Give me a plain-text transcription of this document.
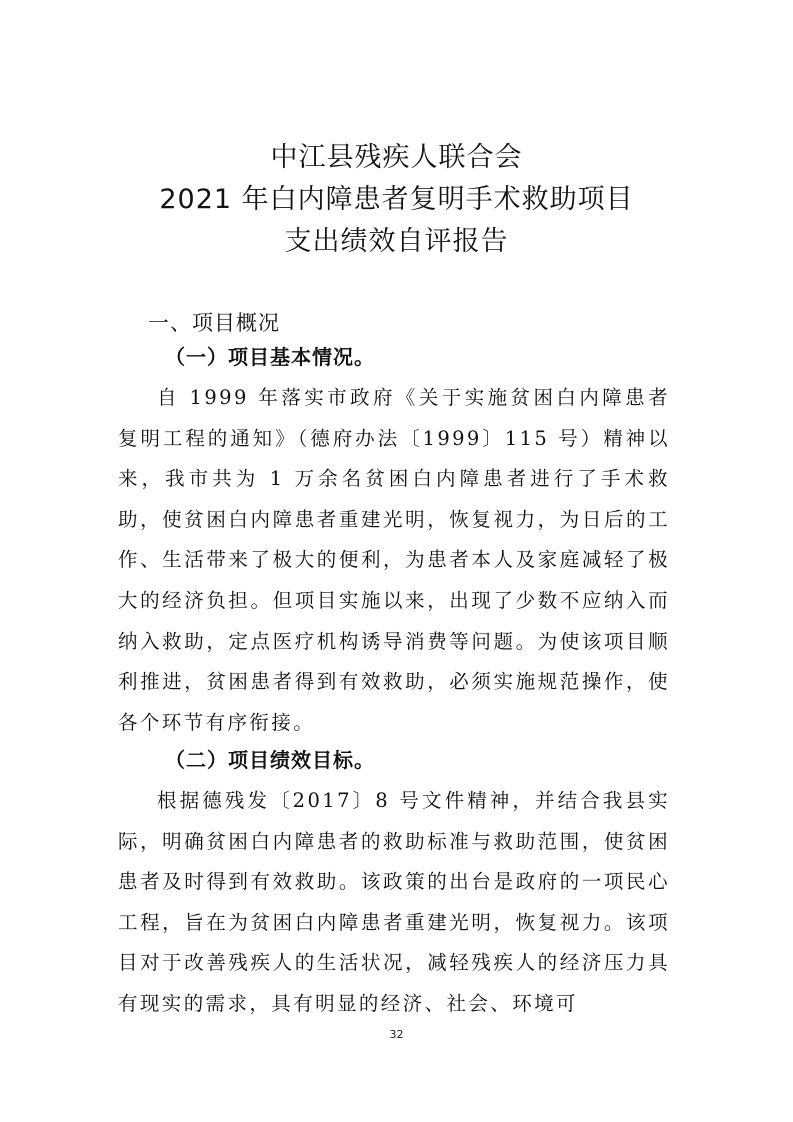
中江县残疾人联合会
2021 年白内障患者复明手术救助项目
支出绩效自评报告
一、项目概况
（一）项目基本情况。

自 1999 年落实市政府《关于实施贫困白内障患者复明工程的通知》（德府办法〔1999〕115 号）精神以来，我市共为 1 万余名贫困白内障患者进行了手术救助，使贫困白内障患者重建光明，恢复视力，为日后的工作、生活带来了极大的便利，为患者本人及家庭减轻了极大的经济负担。但项目实施以来，出现了少数不应纳入而纳入救助，定点医疗机构诱导消费等问题。为使该项目顺利推进，贫困患者得到有效救助，必须实施规范操作，使各个环节有序衔接。

（二）项目绩效目标。

根据德残发〔2017〕8 号文件精神，并结合我县实际，明确贫困白内障患者的救助标准与救助范围，使贫困患者及时得到有效救助。该政策的出台是政府的一项民心工程，旨在为贫困白内障患者重建光明，恢复视力。该项目对于改善残疾人的生活状况，减轻残疾人的经济压力具有现实的需求，具有明显的经济、社会、环境可

32
